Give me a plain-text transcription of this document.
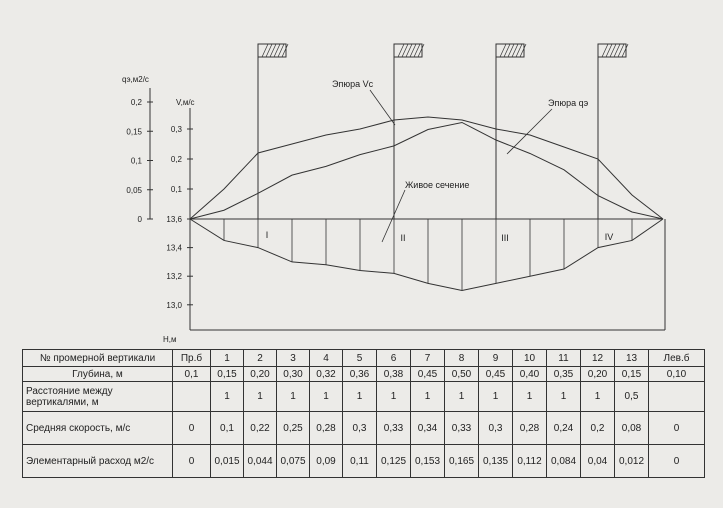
0,2
0,15
0,1
0,05
0
0,3
0,2
0,1
13,6
13,4
13,2
13,0
qэ,м2/с
V,м/с
H,м
I	II	III	IV
Эпюра Vс
Эпюра qэ
Живое сечение
№ промерной вертикали	Пр.б	1	2	3	4	5	6	7	8	9	10	11	12	13	Лев.б
Глубина, м	0,1	0,15	0,20	0,30	0,32	0,36	0,38	0,45	0,50	0,45	0,40	0,35	0,20	0,15	0,10
Расстояние между вертикалями, м		1	1	1	1	1	1	1	1	1	1	1	1	0,5	
Средняя скорость, м/с	0	0,1	0,22	0,25	0,28	0,3	0,33	0,34	0,33	0,3	0,28	0,24	0,2	0,08	0
Элементарный расход м2/с	0	0,015	0,044	0,075	0,09	0,11	0,125	0,153	0,165	0,135	0,112	0,084	0,04	0,012	0
